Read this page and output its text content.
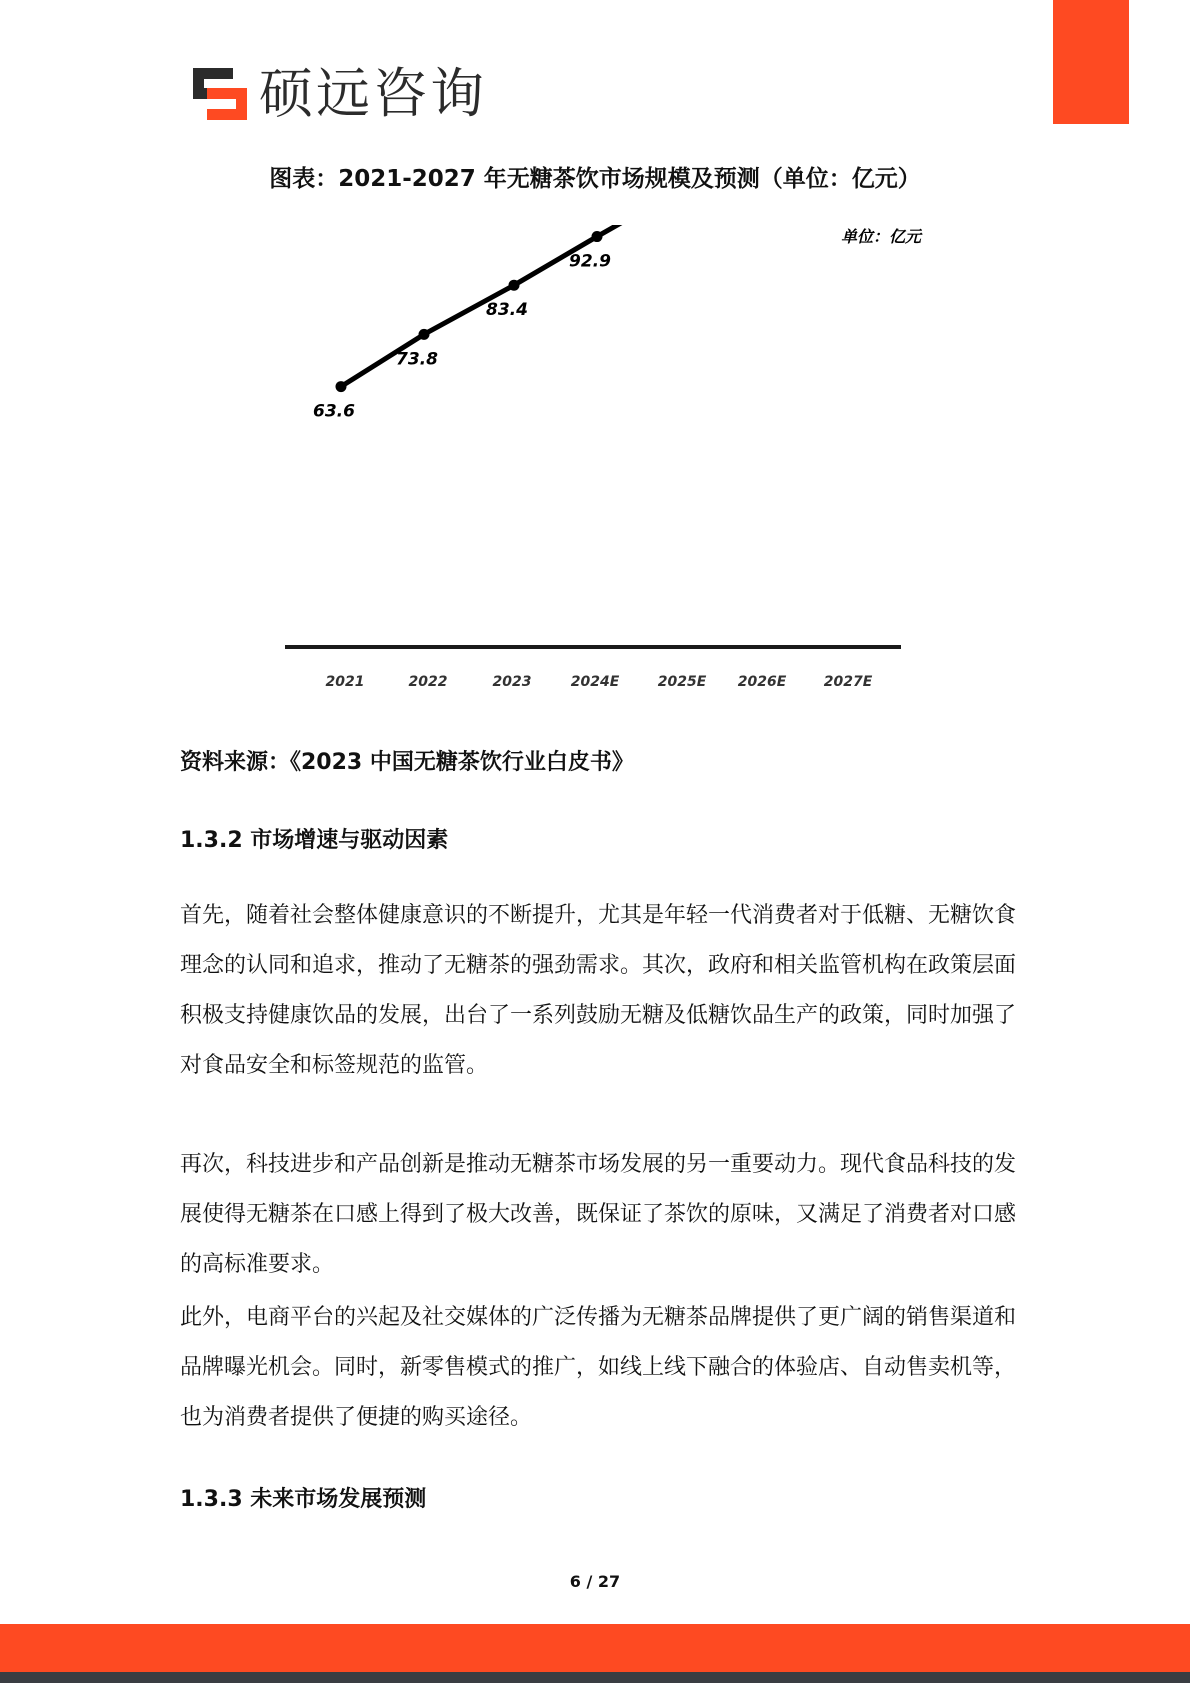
硕远咨询
图表：2021-2027 年无糖茶饮市场规模及预测（单位：亿元）
单位：亿元
63.6
2021
73.8
2022
83.4
2023
92.9
2024E	2025E 2026E	2027E
资料来源：《2023 中国无糖茶饮行业白皮书》
1.3.2 市场增速与驱动因素
首先，随着社会整体健康意识的不断提升，尤其是年轻一代消费者对于低糖、无糖饮食理念的认同和追求，推动了无糖茶的强劲需求。其次，政府和相关监管机构在政策层面积极支持健康饮品的发展，出台了一系列鼓励无糖及低糖饮品生产的政策，同时加强了对食品安全和标签规范的监管。
再次，科技进步和产品创新是推动无糖茶市场发展的另一重要动力。现代食品科技的发展使得无糖茶在口感上得到了极大改善，既保证了茶饮的原味，又满足了消费者对口感的高标准要求。
此外，电商平台的兴起及社交媒体的广泛传播为无糖茶品牌提供了更广阔的销售渠道和品牌曝光机会。同时，新零售模式的推广，如线上线下融合的体验店、自动售卖机等，也为消费者提供了便捷的购买途径。
1.3.3 未来市场发展预测
6 / 27
